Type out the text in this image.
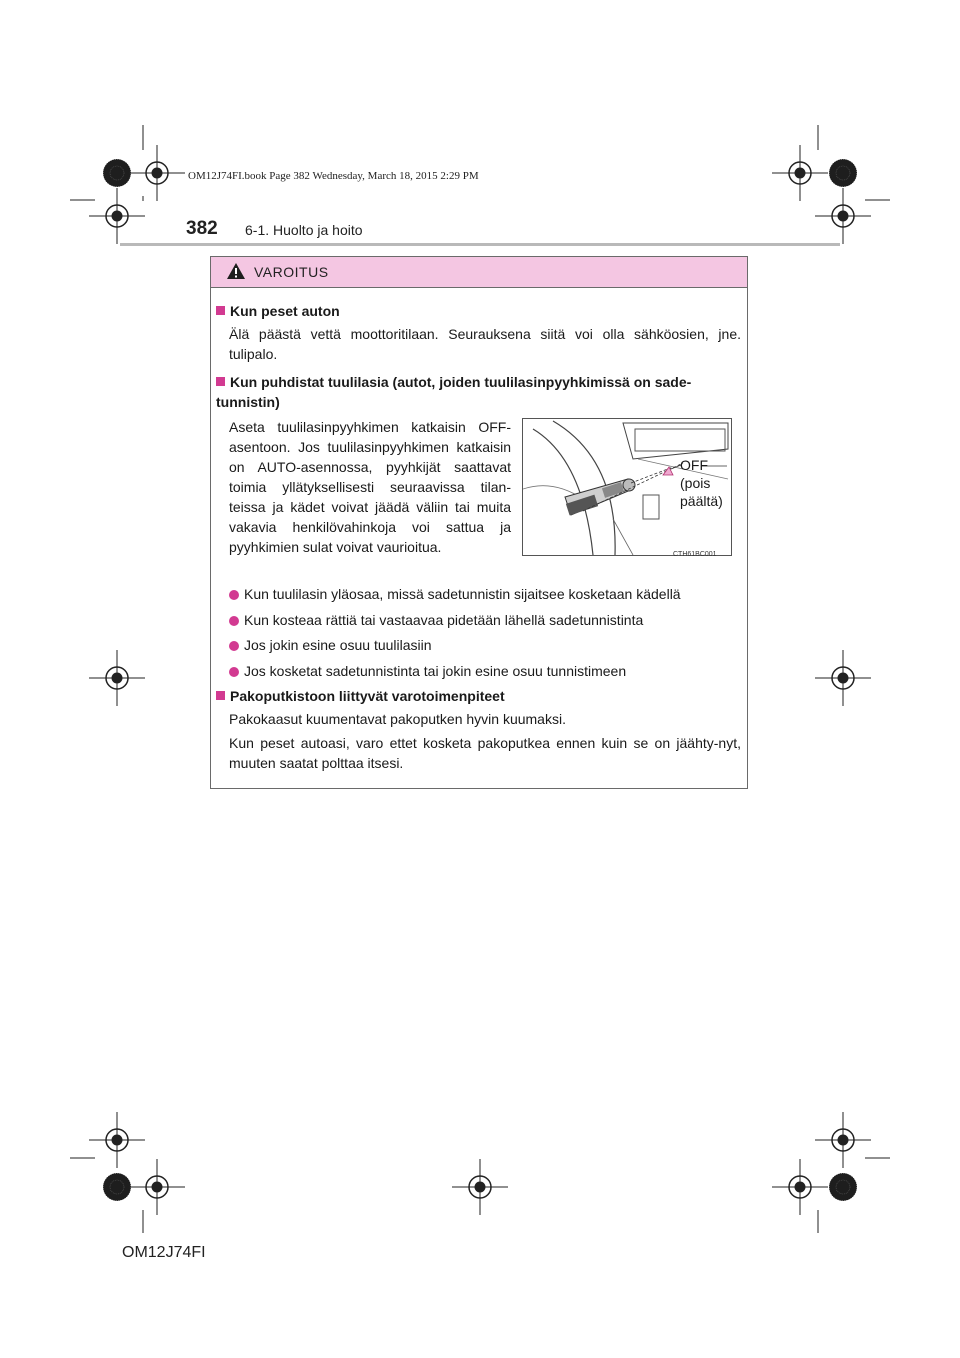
OM12J74FI.book Page 382 Wednesday, March 18, 2015 2:29 PM
382 6-1. Huolto ja hoito
VAROITUS
Kun peset auton
Älä päästä vettä moottoritilaan. Seurauksena siitä voi olla sähköosien, jne. tulipalo.
Kun puhdistat tuulilasia (autot, joiden tuulilasinpyyhkimissä on sade-tunnistin)
Aseta tuulilasinpyyhkimen katkaisin OFF-asentoon. Jos tuulilasinpyyhkimen katkaisin on AUTO-asennossa, pyyhkijät saattavat toimia yllätyksellisesti seuraavissa tilan-teissa ja kädet voivat jäädä väliin tai muita vakavia henkilövahinkoja voi sattua ja pyyhkimien sulat voivat vaurioitua.	CTH61BC001
OFF
(pois
päältä)
Kun tuulilasin yläosaa, missä sadetunnistin sijaitsee kosketaan kädellä
Kun kosteaa rättiä tai vastaavaa pidetään lähellä sadetunnistinta
Jos jokin esine osuu tuulilasiin
Jos kosketat sadetunnistinta tai jokin esine osuu tunnistimeen
Pakoputkistoon liittyvät varotoimenpiteet
Pakokaasut kuumentavat pakoputken hyvin kuumaksi.
Kun peset autoasi, varo ettet kosketa pakoputkea ennen kuin se on jäähty-nyt, muuten saatat polttaa itsesi.
OM12J74FI
